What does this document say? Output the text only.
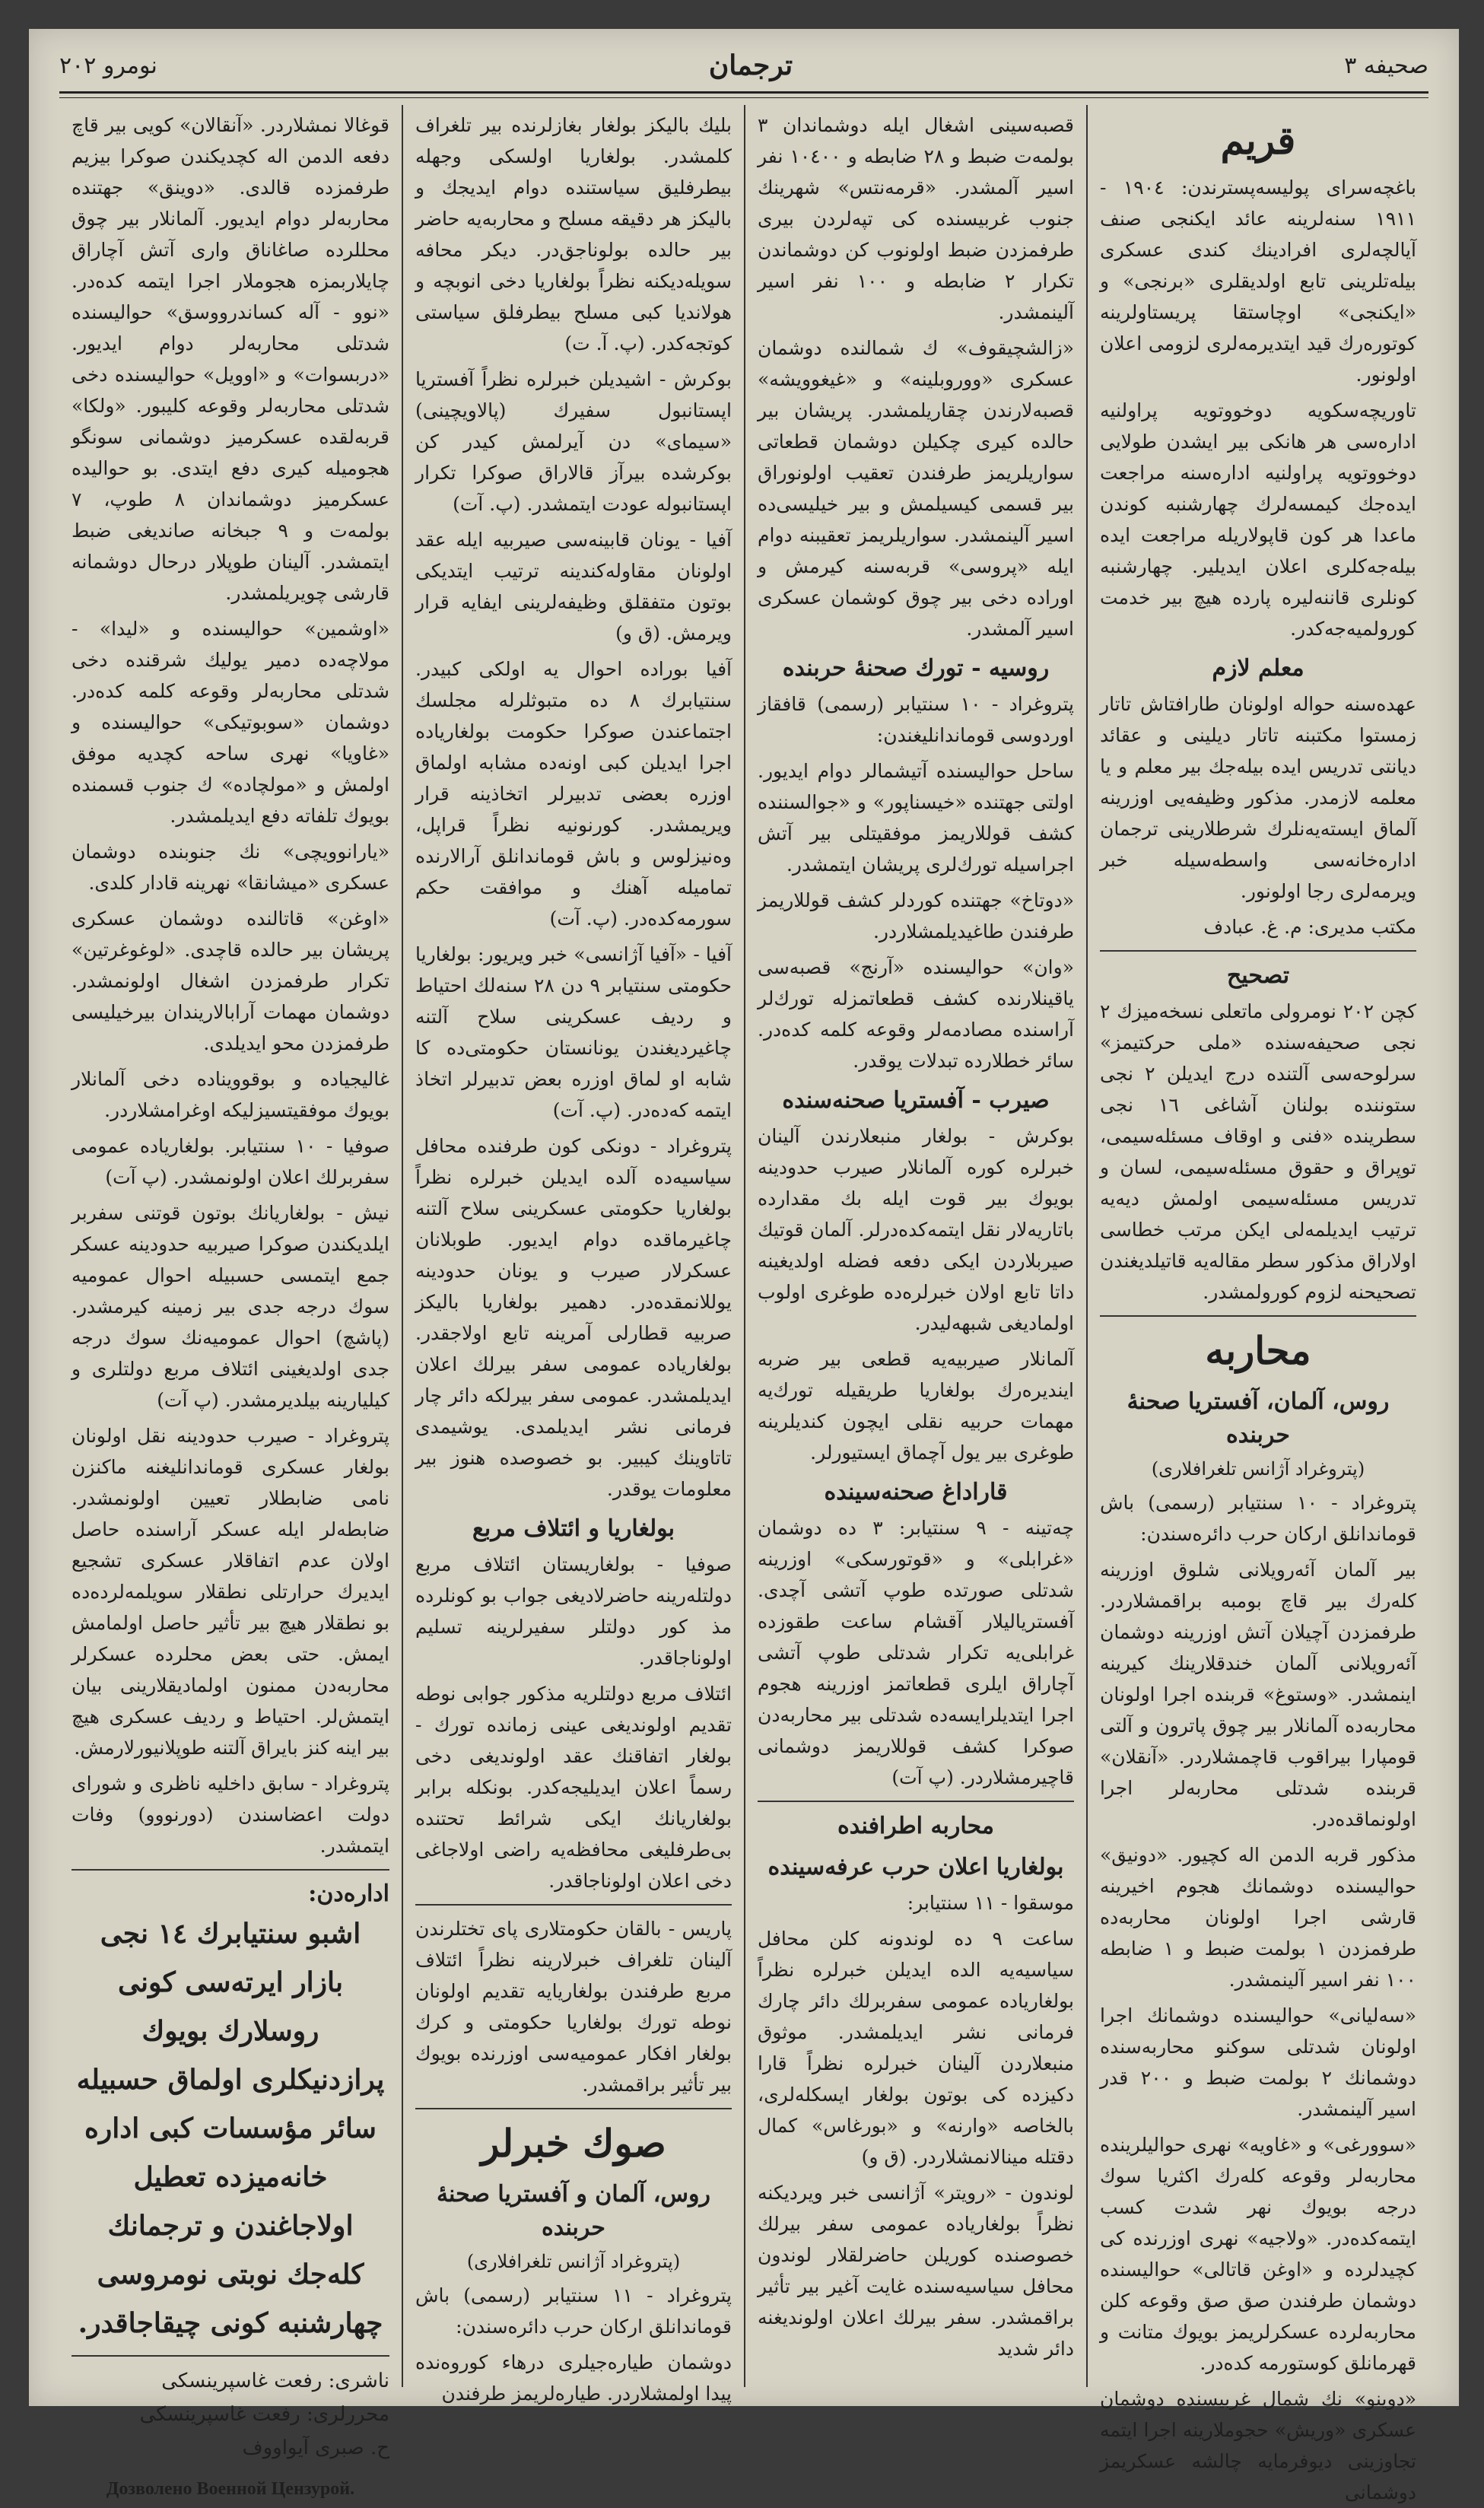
صحيفه ٣
ترجمان
نومرو ٢٠٢
قريم

باغچه‌سرای پولیسه‌پسترندن: ١٩٠٤ - ١٩١١ سنه‌لرینه عائد ایکنجی صنف آیالچه‌لری افرادینك كندی عسكری بیله‌تلرینی تابع اولدیقلری «برنجی» و «ایکنجی» اوچاستقا پریستاولرینه كوتوره‌رك قید ایتدیرمه‌لری لزومی اعلان اولونور.

تاوریچه‌سکویه دوخووتویه پراولنیه ادارەسی هر هانكی بیر ایشدن طولایی دوخووتویه پراولنیه ادارەسنه مراجعت ایده‌جك كیمسه‌لرك چهارشنبه كوندن ماعدا هر كون قاپولاریله مراجعت ایده بیله‌جه‌كلری اعلان ایدیلیر. چهارشنبه كونلری قاننه‌لیره پارده هیچ بیر خدمت كورولمیه‌جه‌كدر.

معلم لازم

عهده‌سنه حواله اولونان طارافتاش تاتار زمستوا مکتبنه تاتار دیلینی و عقائد دیانتی تدریس ایده بیله‌جك بیر معلم و یا معلمه لازمدر. مذکور وظیفه‌یی اوزرینه آلماق ایسته‌یه‌نلرك شرطلارینی ترجمان اداره‌خانه‌سی واسطه‌سیله خبر ویرمه‌لری رجا اولونور.

مکتب مدیری: م. غ. عبادف

تصحیح

كچن ٢٠٢ نومرولی ماتعلی نسخه‌میزك ٢ نجی صحیفه‌سنده «ملی حرکتیمز» سرلوحه‌سی آلتنده درج ایدیلن ٢ نجی ستوننده بولنان آشاغی ١٦ نجی سطرینده «فنی و اوقاف مسئله‌سیمی، توپراق و حقوق مسئله‌سیمی، لسان و تدریس مسئله‌سیمی اولمش دیه‌یه ترتیب ایدیلمه‌لی ایکن مرتب خطاسی اولاراق مذکور سطر مقاله‌یه قاتیلدیغندن تصحیحنه لزوم كورولمشدر.

محاربه
روس، آلمان، آفستریا صحنهٔ حربنده
(پتروغراد آژانس تلغرافلاری)

پتروغراد - ١٠ سنتیابر (رسمی) باش قوماندانلق ارکان حرب دائره‌سندن:

بیر آلمان آئه‌رویلانی شلوق اوزرینه كله‌رك بیر قاچ بومبه براقمشلاردر. طرفمزدن آچیلان آتش اوزرینه دوشمان آئه‌رویلانی آلمان خندقلارینك كیرینه اینمشدر. «وستوغ» قربنده اجرا اولونان محاربه‌ده آلمانلار بیر چوق پاترون و آلتی قومپارا بیراقوب قاچمشلاردر. «آنقلان» قربنده شدتلی محاربه‌لر اجرا اولونماقده‌در.

مذكور قربه الدمن اله كچيور. «دونیق» حوالیسنده دوشمانك هجوم اخیرینه قارشی اجرا اولونان محاربه‌ده طرفمزدن ١ بولمت ضبط و ١ ضابطه ١٠٠ نفر اسیر آلینمشدر.

«سه‌لیانی» حوالیسنده دوشمانك اجرا اولونان شدتلی سوكنو محاربه‌سنده دوشمانك ٢ بولمت ضبط و ٢٠٠ قدر اسیر آلینمشدر.

«سوورغی» و «غاویه» نهری حوالیلرینده محاربه‌لر وقوعه كله‌رك اكثریا سوك درجه بویوك نهر شدت كسب ایتمه‌كده‌در. «ولاجیه» نهری اوزرنده كی كچیدلرده و «اوغن قاتالی» حوالیسنده دوشمان طرفندن صق صق وقوعه كلن محاربه‌لرده عسكرلریمز بویوك متانت و قهرمانلق كوستورمه كده‌در.

«دوینو» نك شمال غربیسنده دوشمان عسكری «وریش» حجوملارینه اجرا ایتمه تجاوزینی دیوفرمایه چالشه عسكریمز دوشمانی

قصبه‌سینی اشغال ایله دوشماندان ٣ بولمه‌ت ضبط و ٢٨ ضابطه و ١٠٤٠٠ نفر اسیر آلمشدر. «قرمه‌نتس» شهرینك جنوب غربیسنده كی تپه‌لردن بیری طرفمزدن ضبط اولونوب كن دوشماندن تكرار ٢ ضابطه و ١٠٠ نفر اسیر آلینمشدر.

«زالشچیقوف» ك شمالنده دوشمان عسكری «ووروبلینه» و «غیغوویشه» قصبه‌لارندن چقاریلمشدر. پریشان بیر حالده كیری چكیلن دوشمان قطعاتی سواریلریمز طرفندن تعقیب اولونوراق بیر قسمی كیسیلمش و بیر خیلیسی‌ده اسیر آلینمشدر. سواریلریمز تعقیبنه دوام ایله «پروسی» قربه‌سنه كیرمش و اوراده دخی بیر چوق كوشمان عسكری اسیر آلمشدر.

روسیه - تورك صحنهٔ حربنده

پتروغراد - ١٠ سنتیابر (رسمی) قافقاز اوردوسی قوماندانلیغندن:

ساحل حوالیسنده آتیشمالر دوام ایدیور. اولتی جهتنده «خیسناپور» و «جوالسننده كشف قوللاریمز موفقیتلی بیر آتش اجراسیله تورك‌لری پریشان ایتمشدر.

«دوتاخ» جهتنده كوردلر كشف قوللاریمز طرفندن طاغیدیلمشلاردر.

«وان» حوالیسنده «آرنج» قصبه‌سی یاقینلارنده كشف قطعاتمزله تورك‌لر آراسنده مصادمه‌لر وقوعه كلمه كده‌در. سائر خطلارده تبدلات یوقدر.

صیرب - آفستریا صحنه‌سنده

بوكرش - بولغار منبعلارندن آلینان خبرلره كوره آلمانلار صیرب حدودینه بویوك بیر قوت ایله بك مقدارده باتاريه‌لار نقل ایتمه‌كده‌درلر. آلمان قوتیك صیربلاردن ایكی دفعه فضله اولدیغینه داتا تابع اولان خبرلره‌ده طوغری اولوب اولمادیغی شبهه‌لیدر.

آلمانلار صیربیه‌یه قطعی بیر ضربه ایندیره‌رك بولغاریا طریقیله تورك‌یه مهمات حربیه نقلی ایچون كندیلرینه طوغری بیر یول آچماق ایستیورلر.

قارا‌داغ صحنه‌سینده

چه‌تینه - ٩ سنتیابر: ٣ ده دوشمان «غرابلی» و «قوتورسكی» اوزرینه شدتلی صورتده طوپ آتشی آچدی. آفستریالیلار آقشام ساعت طقوزده غرابلی‌یه تكرار شدتلی طوپ آتشی آچاراق ایلری قطعاتمز اوزرینه هجوم اجرا ایتدیلر‌ایسه‌ده شدتلی بیر محاربه‌دن صوكرا كشف قوللاریمز دوشمانی قاچیرمشلاردر. (پ آت)

محاربه اطرافنده
بولغاریا اعلان حرب عرفه‌سینده

موسقوا - ١١ سنتیابر:

ساعت ٩ ده لوندونه كلن محافل سیاسیه‌یه الده ایدیلن خبرلره نظراً بولغاریاده عمومی سفربرلك دائر چارك فرمانی نشر ایدیلمشدر. موثوق منبعلاردن آلینان خبرلره نظراً قارا دكیزده كی بوتون بولغار ایسكله‌لری، بالخاصه «وارنه» و «بورغاس» كمال دقتله مینالانمشلاردر. (ق و)

لوندون - «رویتر» آژانسی خبر ویردیكنه نظراً بولغاریاده عمومی سفر بیرلك خصوصنده كوریلن حاضرلقلار لوندون محافل سیاسیه‌سنده غایت آغیر بیر تأثیر براقمشدر. سفر بیرلك اعلان اولوندیغنه دائر شدید

بلیك بالیكز بولغار بغازلرنده بیر تلغراف كلمشدر. بولغاریا اولسكی وجهله بیطرفلیق سیاستنده دوام ایدیجك و بالیكز هر دقیقه مسلح و محاربه‌یه حاضر بیر حالده بولوناجق‌در. دیكر محافه سویله‌دیكنه نظراً بولغاریا دخی انوبچه و هولاندیا كبی مسلح بیطرفلق سیاستی كوتجه‌كدر. (پ. آ. ت)

بوكرش - اشیدیلن خبرلره نظراً آفستریا اپستانبول سفیرك (پالاویچینی) «سیمای» دن آیرلمش كیدر كن بوكرشده بیرآز قالاراق صوكرا تكرار اپستانبوله عودت ایتمشدر. (پ. آت)

آفیا - یونان قابینه‌سی صیربیه ایله عقد اولونان مقاوله‌كندینه ترتیب ایتدیكی بوتون متفقلق وظیفه‌لرینی ایفایه قرار ویرمش. (ق و)

آفیا بوراده احوال یه اولكی كبیدر. سنتیابرك ٨ ده متبوثلرله مجلسك اجتماعندن صوكرا حكومت بولغاریاده اجرا ایدیلن كبی اونه‌ده مشابه اولماق اوزره بعضی تدبیرلر اتخاذینه قرار ویریمشدر. كورنونیه نظراً قراپل، وه‌نیزلوس و باش قوماندانلق آرالارنده تماميله آهنك و موافقت حكم سورمه‌كده‌در. (پ. آت)

آفیا - «آفیا آژانسی» خبر ویریور: بولغاریا حكومتی سنتیابر ٩ دن ٢٨ سنه‌لك احتیاط و ردیف عسكرینی سلاح آلتنه چاغیردیغندن یونانستان حكومتی‌ده كا شابه او لماق اوزره بعض تدبیرلر اتخاذ ایتمه كه‌ده‌در. (پ. آت)

پتروغراد - دونكی كون طرفنده محافل سیاسیه‌ده آلده ایدیلن خبرلره نظراً بولغاریا حكومتی عسكرینی سلاح آلتنه چاغیرماقده دوام ایدیور. طوبلانان عسكرلار صیرب و یونان حدودینه یوللانمقده‌در. دهمیر بولغاریا بالیكز صربیه‌ قطارلی آمرینه تابع اولاجقدر. بولغاریاده عمومی سفر بیرلك اعلان ایدیلمشدر. عمومی سفر بیرلكه دائر چار فرمانی نشر ایدیلمدی. یوشیمدی تاتاوینك كیبیر. بو خصوصده هنوز بیر معلومات یوقدر.

بولغاریا و ائتلاف مربع

صوفیا - بولغاریستان ائتلاف مربع دولتله‌رینه حاضرلادیغی جواب بو كونلرده مذ كور دولتلر سفیرلرینه تسلیم اولوناجاقدر.

ائتلاف مربع دولتلریه مذكور جوابی نوطه تقدیم اولوندیغی عینی زمانده تورك - بولغار اتفاقنك عقد اولوندیغی دخی رسماً اعلان ایدیلیجه‌كدر. بونكله برابر بولغاریانك ایكی شرائط تحتنده بی‌طرفلیغی محافظه‌یه راضی اولاجاغی دخی اعلان اولو‌ناجاقدر.

پاریس - بالقان حكومتلاری پای تختلرندن آلینان تلغراف خبرلارینه نظراً ائتلاف مربع طرفندن بولغاریایه تقدیم اولونان نوطه تورك بولغاریا حكومتی و كرك بولغار افكار عمومیه‌سی اوزرنده بویوك بیر تأثیر براقمشدر.

صوك خبرلر
روس، آلمان و آفستریا صحنهٔ حربنده
(پتروغراد آژانس تلغرافلاری)

پتروغراد - ١١ سنتیابر (رسمی) باش قوماندانلق ارکان حرب دائره‌سندن:

دوشمان طیاره‌جیلری درهاء كوروه‌نده پیدا اولمشلاردر. طیاره‌لریمز طرفندن

قوغالا نمشلاردر. «آنقالان» كویی بیر قاچ دفعه الدمن اله كچدیكندن صوكرا بیزیم طرفمزده قالدی. «دوینق» جهتنده محاربه‌لر دوام ایدیور. آلمانلار بیر چوق محللرده صاغاناق واری آتش آچاراق چایلاربمزه هجوملار اجرا ایتمه كده‌در. «نوو - آله كساندرووسق» حوالیسنده شدتلی محاربه‌لر دوام ایدیور. «دربسوات» و «اوویل» حوالیسنده دخی شدتلی محاربه‌لر وقوعه كلیبور. «ولكا» قربه‌لقده عسكرمیز دوشمانی سونگو هجومیله كیری دفع ایتدی. بو حوالیده عسكرمیز دوشماندان ٨ طوپ، ٧ بولمه‌ت و ٩ جبخانه صاندیغی ضبط ایتمشدر. آلینان طوپلار درحال دوشمانه قارشی چویریلمشدر.

«اوشمین» حوالیسنده و «لیدا» - مولاچه‌ده دمیر یولیك شرقنده دخی شدتلی محاربه‌لر وقوعه كلمه كده‌در. دوشمان «سوبوتیكی» حوالیسنده و «غاویا» نهری ساحه كچدیه موفق اولمش و «مولچاده» ك جنوب قسمنده بویوك تلفاته دفع ایدیلمشدر.

«یارانوویچی» نك جنوبنده دوشمان عسكری «میشانقا» نهرینه قادار كلدی.

«اوغن» قاتالنده دوشمان عسكری پریشان بیر حالده قاچدی. «لوغوغرتین» تكرار طرفمزدن اشغال اولونمشدر. دوشمان مهمات آرابالاریندان بیرخیلیسی طرفمزدن محو ایدیلدی.

غالیجیاده و بوقوویناده دخی آلمانلار بویوك موفقیتسیزلیكه اوغرامشلاردر.

صوفیا - ١٠ سنتیابر. بولغاریاده عمومی سفربرلك اعلان اولونمشدر. (پ آت)

نیش - بولغاریانك بوتون قوتنی سفربر ایلدیكندن صوكرا صیربیه حدودینه عسكر جمع ایتمسی حسبیله احوال عمومیه سوك درجه جدی بیر زمینه كیرمشدر. (پاشچ) احوال عمومیه‌نك سوك درجه جدی اولدیغینی ائتلاف مربع دولتلری و كیلیارینه بیلدیرمشدر. (پ آت)

پتروغراد - صیرب حدودینه نقل اولونان بولغار عسكری قوماندانلیغنه ماكنزن نامی ضابطلار تعیین اولونمشدر. ضابطه‌لر ایله عسكر آراسنده حاصل اولان عدم اتفاقلار عسكری تشجیع ایدیرك حرارتلی نطقلار سویلمه‌لرده‌ده بو نطقلار هیچ بیر تأثیر حاصل اولمامش ایمش. حتی بعض محلرده عسكرلر محاربه‌دن ممنون اولمادیقلارینی بیان ایتمش‌لر. احتیاط و ردیف عسكری هیچ بیر اینه كنز بایراق آلتنه طوپلانیورلارمش.

پتروغراد - سابق داخلیه ناظری و شورای دولت اعضاسندن (دورنووو) وفات ایتمشدر.

اداره‌دن:
اشبو سنتیابرك ١٤ نجی بازار ایرته‌سی كونی روسلارك بویوك پرازدنیكلری اولماق حسبیله سائر مؤسسات كبی اداره خانه‌میزده تعطیل اولاجاغندن و ترجمانك كله‌جك نوبتی نومروسی چهارشنبه كونی چیقاجاقدر.
ناشری: رفعت غاسپرینسكی
محررلری: رفعت غاسپرینسكی
ح. صبری آیواووف
Дозволено Военной Цензурой.
